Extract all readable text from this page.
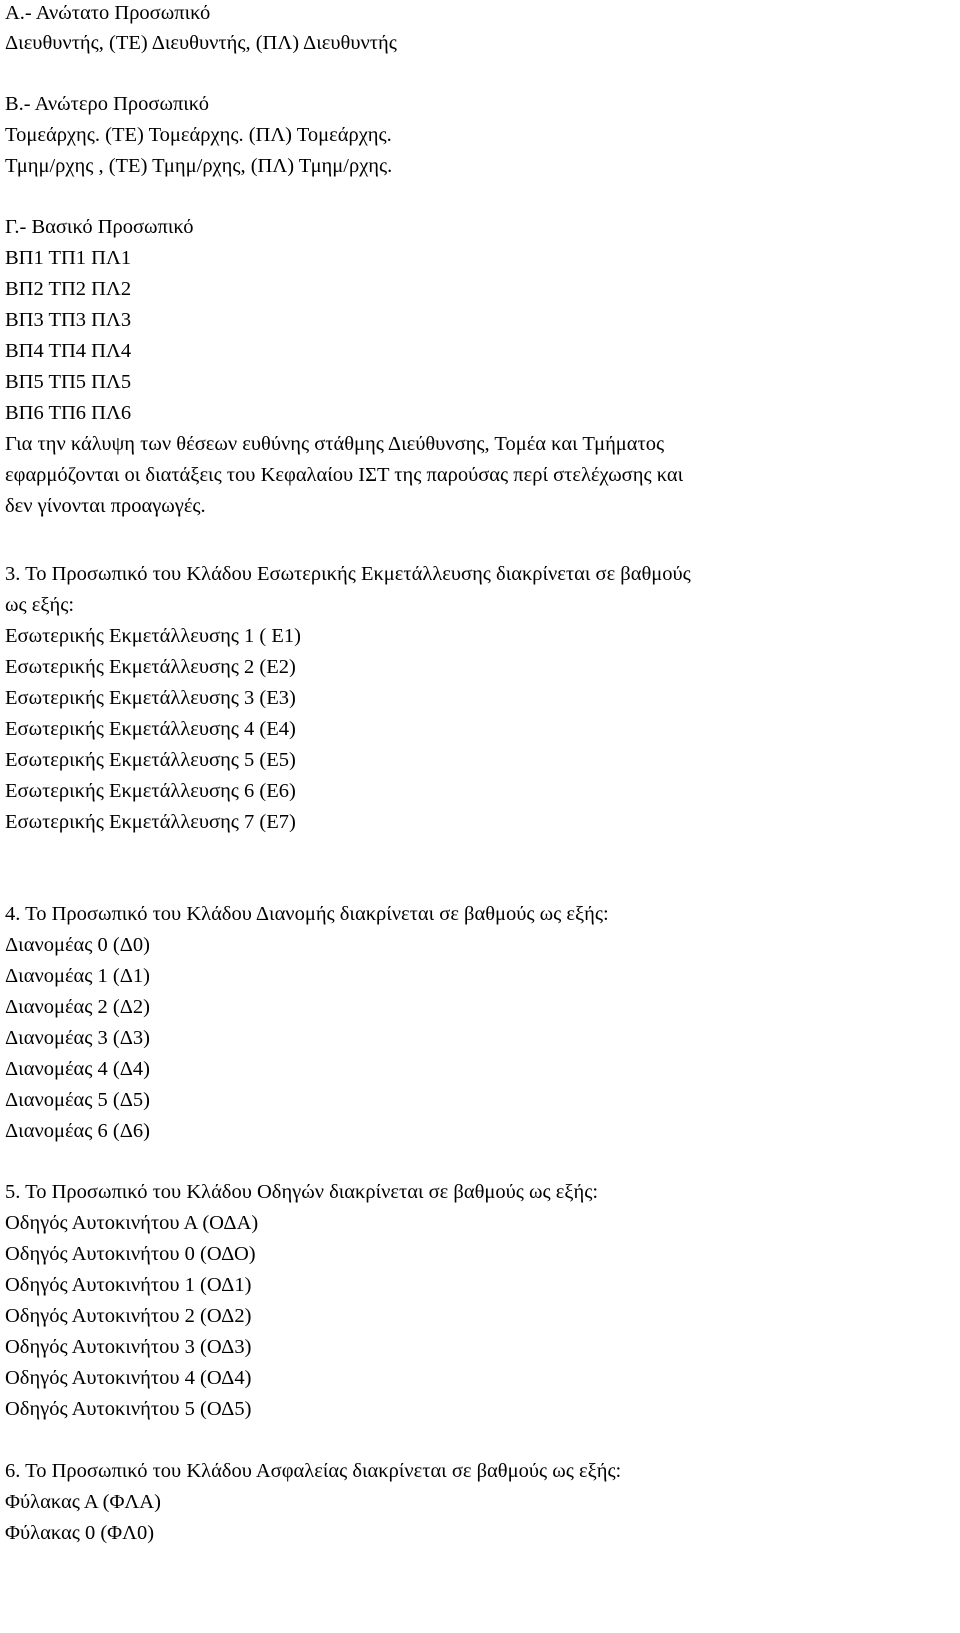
Α.- Ανώτατο Προσωπικό
Διευθυντής, (ΤΕ) Διευθυντής, (ΠΛ) Διευθυντής
Β.- Ανώτερο Προσωπικό
Τομεάρχης. (ΤΕ) Τομεάρχης. (ΠΛ) Τομεάρχης.
Τμημ/ρχης , (ΤΕ) Τμημ/ρχης, (ΠΛ) Τμημ/ρχης.
Γ.- Βασικό Προσωπικό
ΒΠ1 ΤΠ1 ΠΛ1
ΒΠ2 ΤΠ2 ΠΛ2
ΒΠ3 ΤΠ3 ΠΛ3
ΒΠ4 ΤΠ4 ΠΛ4
ΒΠ5 ΤΠ5 ΠΛ5
ΒΠ6 ΤΠ6 ΠΛ6
Για την κάλυψη των θέσεων ευθύνης στάθμης Διεύθυνσης, Τομέα και Τμήματος
εφαρμόζονται οι διατάξεις του Κεφαλαίου ΙΣΤ της παρούσας περί στελέχωσης και
δεν γίνονται προαγωγές.
3. Το Προσωπικό του Κλάδου Εσωτερικής Εκμετάλλευσης διακρίνεται σε βαθμούς
ως εξής:
Εσωτερικής Εκμετάλλευσης 1 ( Ε1)
Εσωτερικής Εκμετάλλευσης 2 (Ε2)
Εσωτερικής Εκμετάλλευσης 3 (Ε3)
Εσωτερικής Εκμετάλλευσης 4 (Ε4)
Εσωτερικής Εκμετάλλευσης 5 (Ε5)
Εσωτερικής Εκμετάλλευσης 6 (Ε6)
Εσωτερικής Εκμετάλλευσης 7 (Ε7)
4. Το Προσωπικό του Κλάδου Διανομής διακρίνεται σε βαθμούς ως εξής:
Διανομέας 0 (Δ0)
Διανομέας 1 (Δ1)
Διανομέας 2 (Δ2)
Διανομέας 3 (Δ3)
Διανομέας 4 (Δ4)
Διανομέας 5 (Δ5)
Διανομέας 6 (Δ6)
5. Το Προσωπικό του Κλάδου Οδηγών διακρίνεται σε βαθμούς ως εξής:
Οδηγός Αυτοκινήτου Α (ΟΔΑ)
Οδηγός Αυτοκινήτου 0 (ΟΔΟ)
Οδηγός Αυτοκινήτου 1 (ΟΔ1)
Οδηγός Αυτοκινήτου 2 (ΟΔ2)
Οδηγός Αυτοκινήτου 3 (ΟΔ3)
Οδηγός Αυτοκινήτου 4 (ΟΔ4)
Οδηγός Αυτοκινήτου 5 (ΟΔ5)
6. Το Προσωπικό του Κλάδου Ασφαλείας διακρίνεται σε βαθμούς ως εξής:
Φύλακας Α (ΦΛΑ)
Φύλακας 0 (ΦΛ0)
